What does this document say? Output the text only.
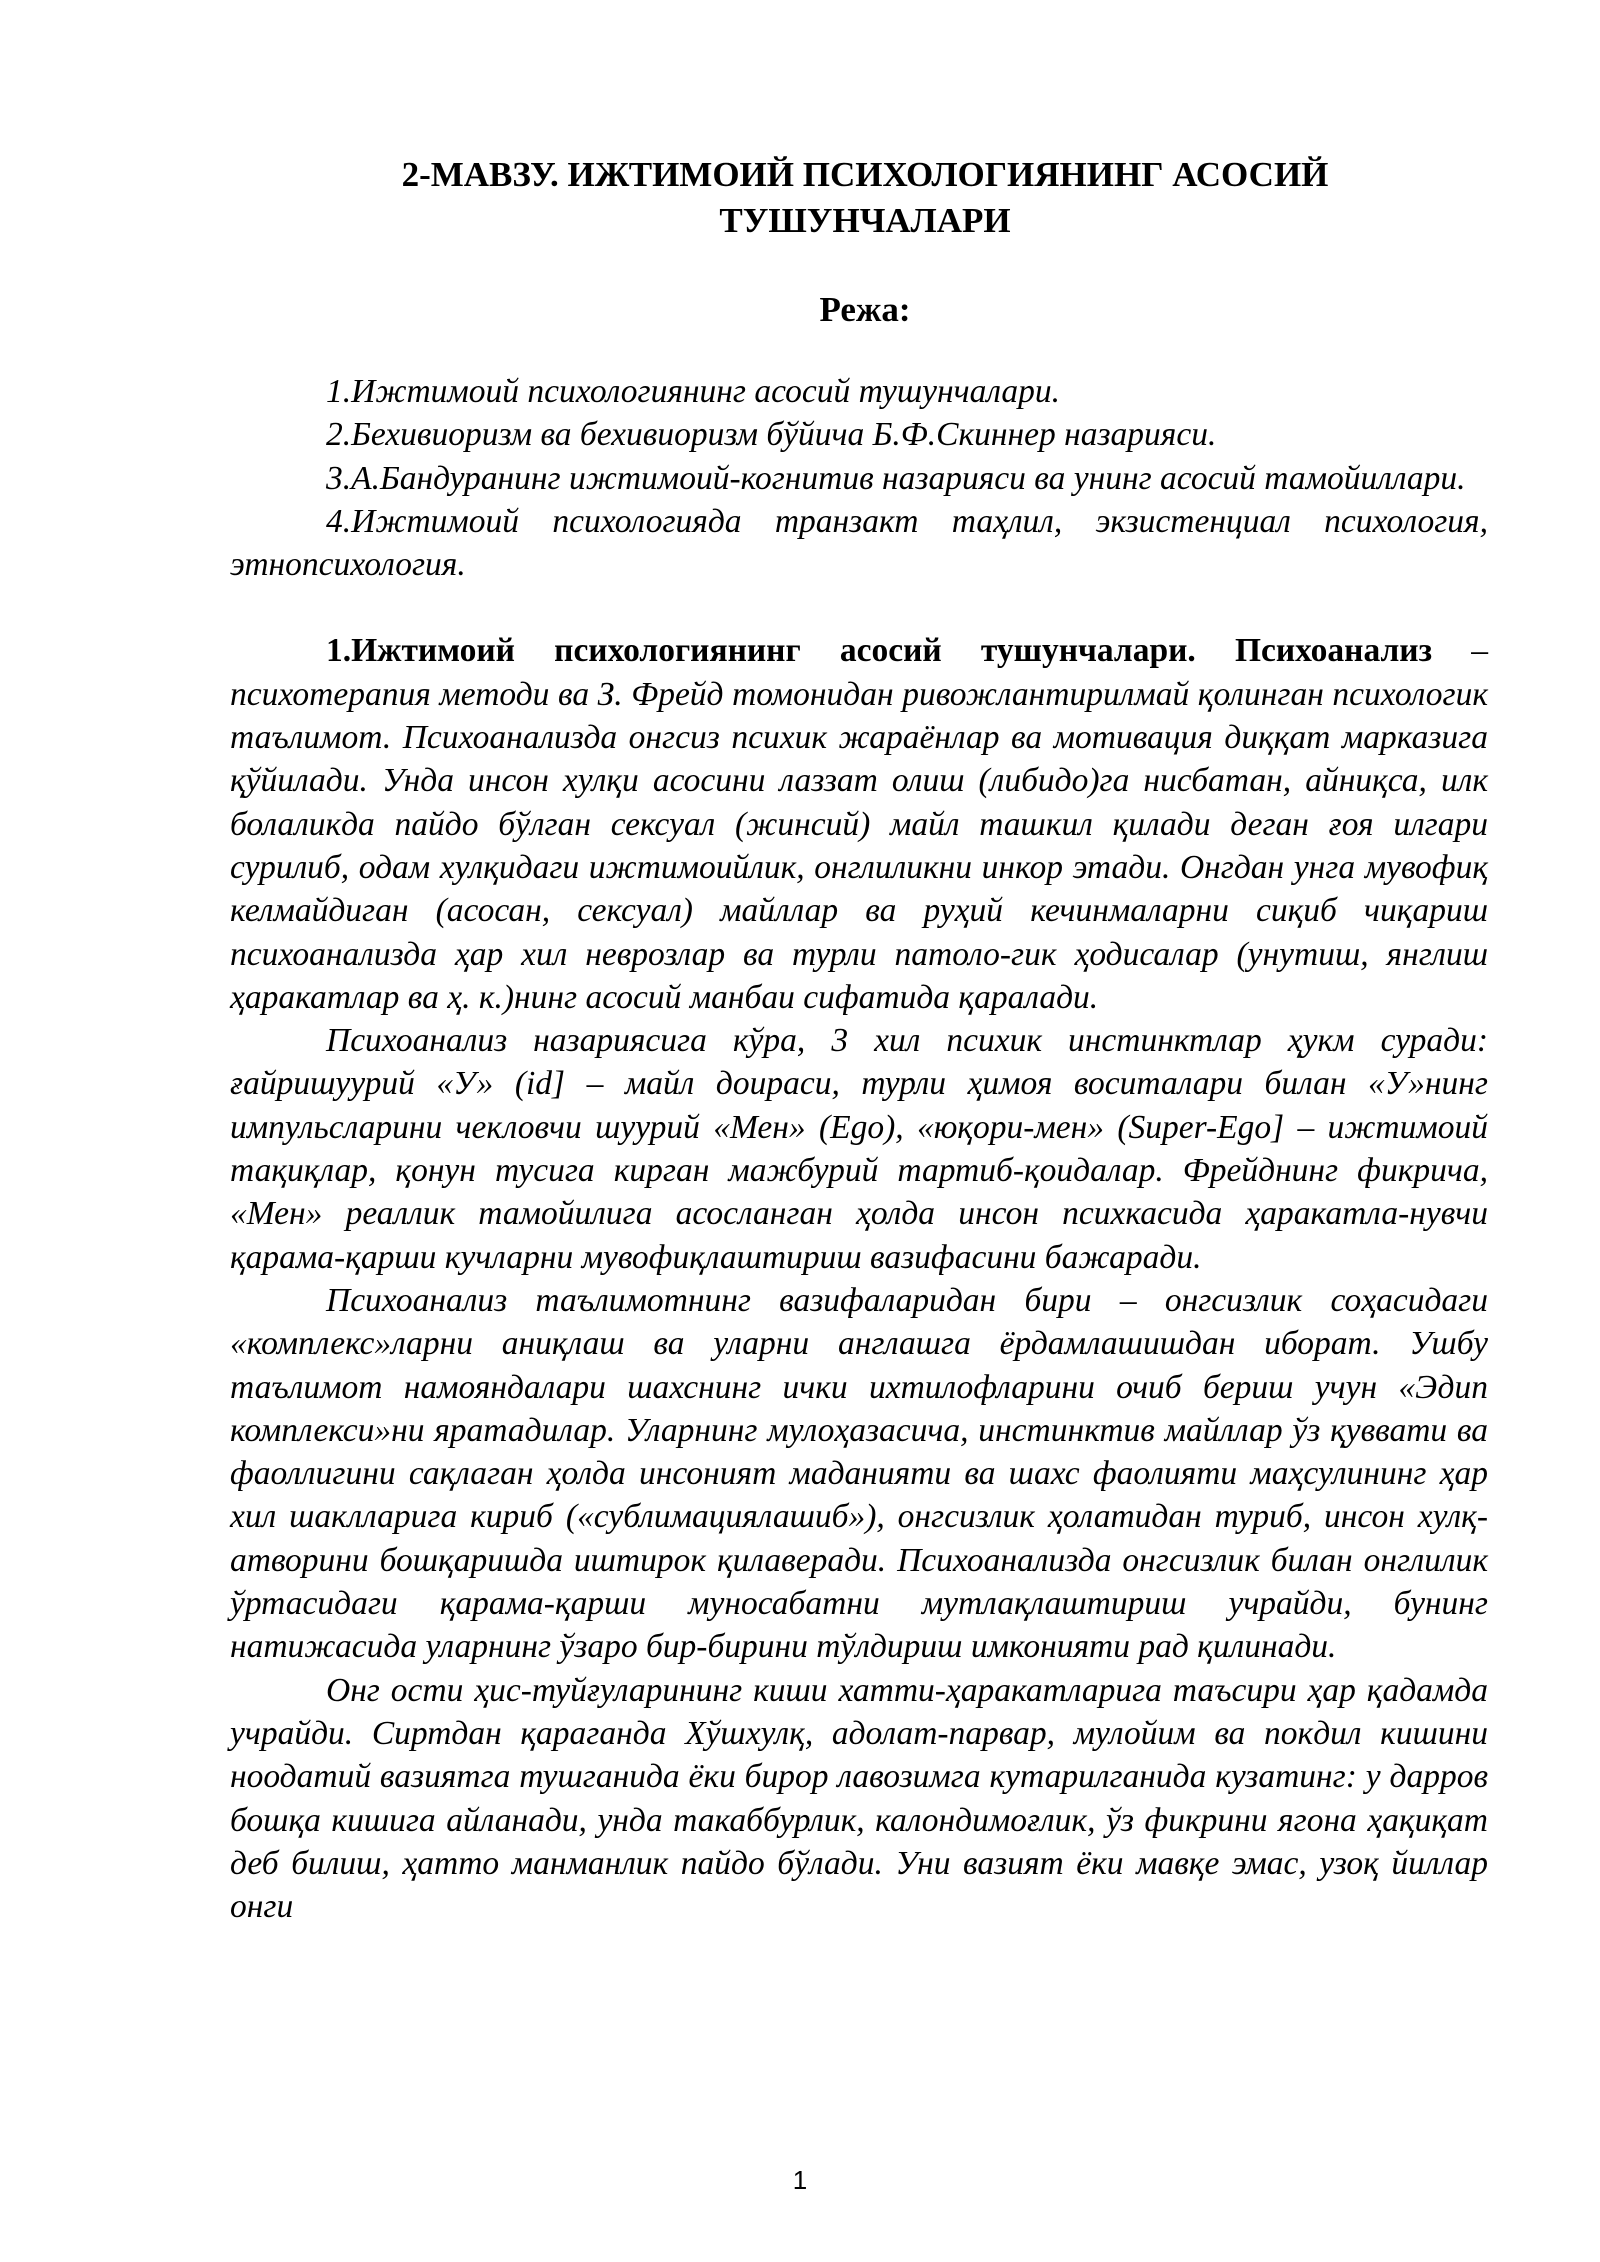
2-МАВЗУ. ИЖТИМОИЙ ПСИХОЛОГИЯНИНГ АСОСИЙ
ТУШУНЧАЛАРИ
Режа:

1.Ижтимоий психологиянинг асосий тушунчалари.

2.Бехивиоризм ва бехивиоризм бўйича Б.Ф.Скиннер назарияси.

3.А.Бандуранинг ижтимоий-когнитив назарияси ва унинг асосий тамойиллари.

4.Ижтимоий психологияда транзакт таҳлил, экзистенциал психология, этнопсихология.

1.Ижтимоий психологиянинг асосий тушунчалари. Психоанализ – психотерапия методи ва З. Фрейд томонидан ривожлантирилмай қолинган психологик таълимот. Психоанализда онгсиз психик жараёнлар ва мотивация диққат марказига қўйилади. Унда инсон хулқи асосини лаззат олиш (либидо)га нисбатан, айниқса, илк болаликда пайдо бўлган сексуал (жинсий) майл ташкил қилади деган ғоя илгари сурилиб, одам хулқидаги ижтимоийлик, онглиликни инкор этади. Онгдан унга мувофиқ келмайдиган (асосан, сексуал) майллар ва руҳий кечинмаларни сиқиб чиқариш психоанализда ҳар хил неврозлар ва турли патоло-гик ҳодисалар (унутиш, янглиш ҳаракатлар ва ҳ. к.)нинг асосий манбаи сифатида қаралади.

Психоанализ назариясига кўра, 3 хил психик инстинктлар ҳукм суради: ғайришуурий «У» (id] – майл доираси, турли ҳимоя воситалари билан «У»нинг импульсларини чекловчи шуурий «Мен» (Ego), «юқори-мен» (Super-Ego] – ижтимоий тақиқлар, қонун тусига кирган мажбурий тартиб-қоидалар. Фрейднинг фикрича, «Мен» реаллик тамойилига асосланган ҳолда инсон психкасида ҳаракатла-нувчи қарама-қарши кучларни мувофиқлаштириш вазифасини бажаради.

Психоанализ таълимотнинг вазифаларидан бири – онгсизлик соҳасидаги «комплекс»ларни аниқлаш ва уларни англашга ёрдамлашишдан иборат. Ушбу таълимот намояндалари шахснинг ички ихтилофларини очиб бериш учун «Эдип комплекси»ни яратадилар. Уларнинг мулоҳазасича, инстинктив майллар ўз қуввати ва фаоллигини сақлаган ҳолда инсоният маданияти ва шахс фаолияти маҳсулининг ҳар хил шаклларига кириб («сублимациялашиб»), онгсизлик ҳолатидан туриб, инсон хулқ-атворини бошқаришда иштирок қилаверади. Психоанализда онгсизлик билан онглилик ўртасидаги қарама-қарши муносабатни мутлақлаштириш учрайди, бунинг натижасида уларнинг ўзаро бир-бирини тўлдириш имконияти рад қилинади.

Онг ости ҳис-туйғуларининг киши хатти-ҳаракатларига таъсири ҳар қадамда учрайди. Сиртдан қараганда Хўшхулқ, адолат-парвар, мулойим ва покдил кишини ноодатий вазиятга тушганида ёки бирор лавозимга кутарилганида кузатинг: у дарров бошқа кишига айланади, унда такаббурлик, калондимоғлик, ўз фикрини ягона ҳақиқат деб билиш, ҳатто манманлик пайдо бўлади. Уни вазият ёки мавқе эмас, узоқ йиллар онги

1
